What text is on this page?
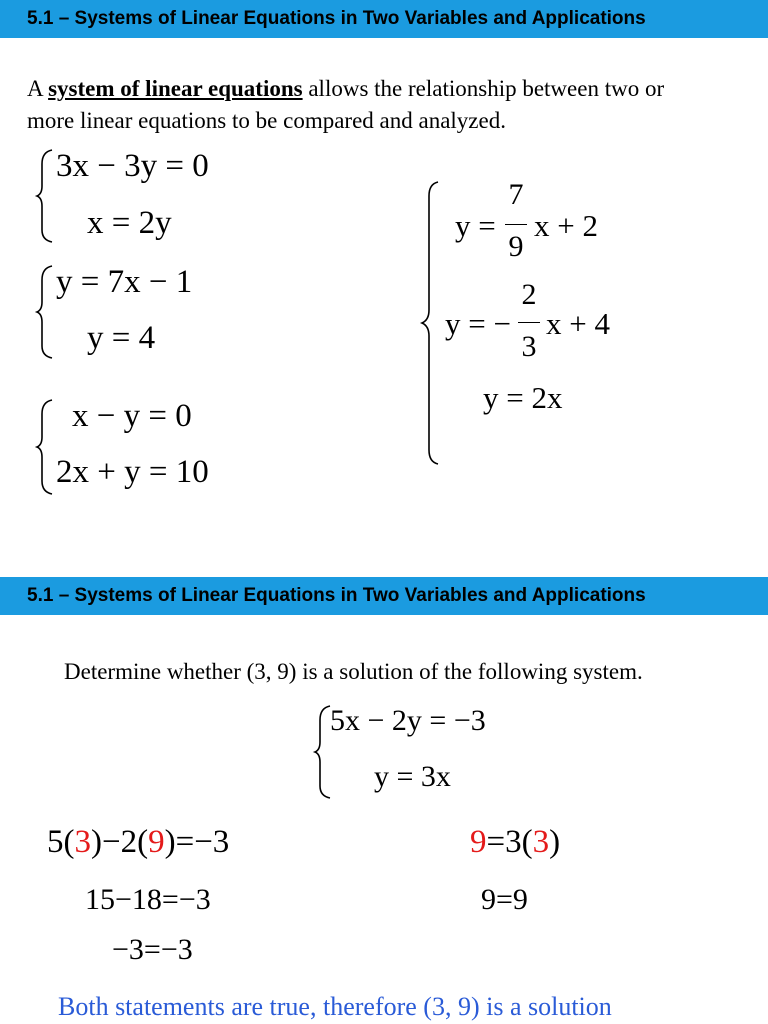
5.1 – Systems of Linear Equations in Two Variables and Applications
A system of linear equations allows the relationship between two or
more linear equations to be compared and analyzed.
3x − 3y = 0
x = 2y
y = 7x − 1
y = 4
x − y = 0
2x + y = 10
y =
7
9
x + 2
y = −
2
3
x + 4
y = 2x
5.1 – Systems of Linear Equations in Two Variables and Applications
Determine whether (3, 9) is a solution of the following system.
5x − 2y = −3
y = 3x
5(3)−2(9)=−3
15−18=−3
−3=−3
9=3(3)
9=9
Both statements are true, therefore (3, 9) is a solution
